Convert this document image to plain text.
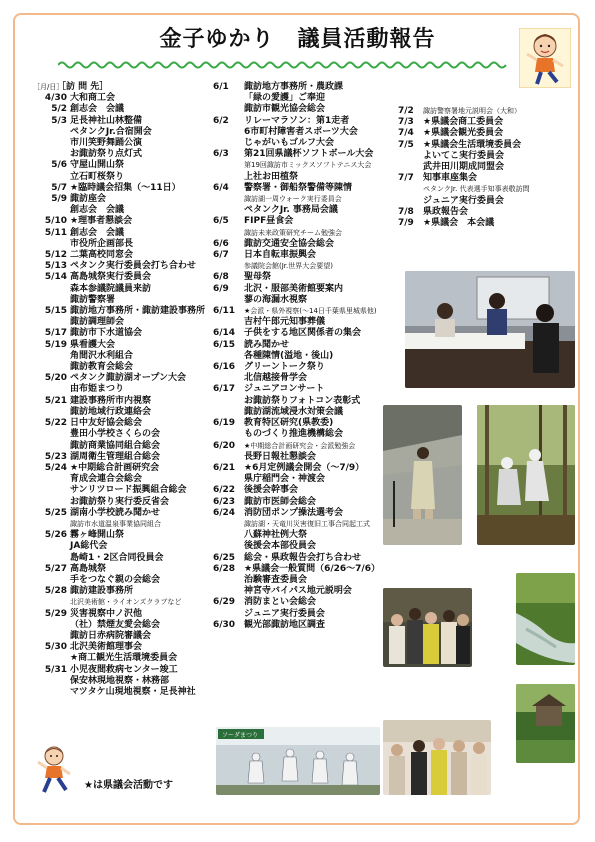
金子ゆかり　議員活動報告
［月/日］
［訪 問 先］
4/30 大和商工会
5/2 創志会　会議
5/3 足長神社山林整備
ペタンクJr.合宿開会
市川笑野舞踊公演
お諏訪祭り点灯式
5/6 守屋山開山祭
立石町桜祭り
5/7 ★臨時議会招集（～11日）
5/9 諏訪座会
創志会　会議
5/10 ★理事者懇談会
5/11 創志会　会議
市役所企画部長
5/12 二葉高校同窓会
5/13 ペタンク実行委員会打ち合わせ
5/14 高島城祭実行委員会
森本参議院議員来訪
諏訪警察署
5/15 諏訪地方事務所・諏訪建設事務所
諏訪調理師会
5/17 諏訪市下水道協会
5/19 県看護大会
角間沢水利組合
諏訪教育会総会
5/20 ペタンク諏訪湖オープン大会
由布姫まつり
5/21 建設事務所市内視察
諏訪地域行政連絡会
5/22 日中友好協会総会
豊田小学校さくらの会
諏訪商業協同組合総会
5/23 湖周衛生管理組合総会
5/24 ★中期総合計画研究会
育成会連合会総会
サンリツロード振興組合総会
お諏訪祭り実行委反省会
5/25 湖南小学校読み聞かせ
諏訪市水道温泉事業協同組合
5/26 霧ヶ峰開山祭
JA総代会
島崎1・2区合同役員会
5/27 高島城祭
手をつなぐ親の会総会
5/28 諏訪建設事務所
北沢美術館・ライオンズクラブなど
5/29 災害視察中ノ沢他
（社）禁煙友愛会総会
諏訪日赤病院審議会
5/30 北沢美術館理事会
★商工観光生活環境委員会
5/31 小児夜間救病センター竣工
保安林現地視察・林務部
マツタケ山現地視察・足長神社
6/1	諏訪地方事務所・農政課
「緑の愛護」ご奉迎
諏訪市観光協会総会
6/2	リレーマラソン：第1走者
6市町村障害者スポーツ大会
じゃがいもゴルフ大会
6/3	第21回県議杯ソフトボール大会
第19回諏訪市ミックスソフトテニス大会
上社お田植祭
6/4	警察署・御船祭警備等陳情
諏訪湖一周ウォーク実行委員会
ペタンクJr. 事務局会議
6/5	FIPF昼食会
諏訪未来政策研究チーム勉強会
6/6	諏訪交通安全協会総会
6/7	日本自転車振興会
参議院会館(Jr.世界大会要望)
6/8	聖母祭
6/9	北沢・服部美術館要案内
蓼の海漏水視察
6/11	★会派・県外視察(～14日千葉県里城県他)
吉村午郎元知事葬儀
6/14 子供をする地区関係者の集会
6/15 読み聞かせ
各種陳情(溢地・後山)
6/16 グリーントーク祭り
北信越接骨学会
6/17 ジュニアコンサート
お諏訪祭りフォトコン表彰式
諏訪湖流域浸水対策会議
6/19 教育特区研究(県教委)
ものづくり推進機構総会
6/20	★中期総合計画研究会・会派勉強会
長野日報社懇談会
6/21 ★6月定例議会開会（～7/9）
県庁稲門会・神渡会
6/22 後援会幹事会
6/23 諏訪市医師会総会
6/24 消防団ポンプ操法選考会
諏訪湖・天竜川災害復旧工事合同起工式
八蘇神社例大祭
後援会本部役員会
6/25 総会・県政報告会打ち合わせ
6/28 ★県議会一般質問（6/26～7/6）
治験審査委員会
神宮寺バイパス地元説明会
6/29 消防まとい会総会
ジュニア実行委員会
6/30 観光部諏訪地区調査
7/2	諏訪警察署地元説明会（大和）
7/3	★県議会商工委員会
7/4	★県議会観光委員会
7/5	★県議会生活環境委員会
よいてこ実行委員会
武井田川期成同盟会
7/7	知事車座集会
ペタンクJr. 代表選手知事表敬訪問
ジュニア実行委員会
7/8	県政報告会
7/9	★県議会　本会議
ソーダまつり
★は県議会活動です
